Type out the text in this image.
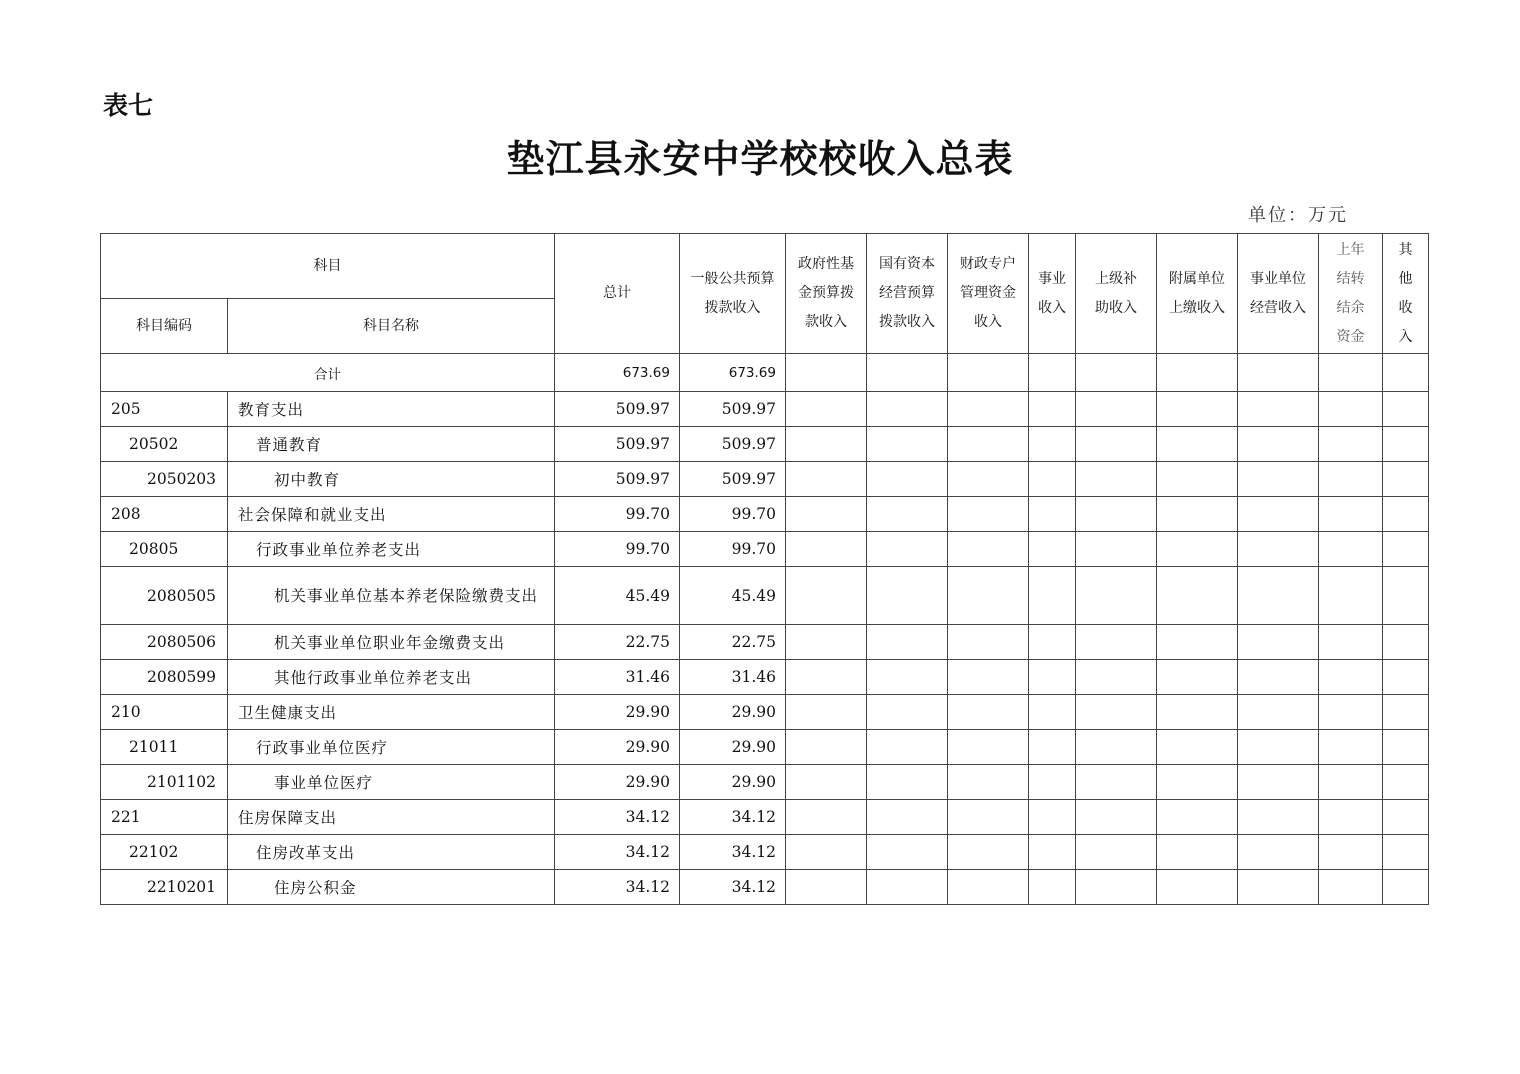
表七
垫江县永安中学校校收入总表
单位：万元
科目		总计	一般公共预算拨款收入	政府性基金预算拨款收入	国有资本经营预算拨款收入	财政专户管理资金收入	事业收入	上级补助收入	附属单位上缴收入	事业单位经营收入	上年结转结余资金	其他收入
科目编码	科目名称											
合计		673.69	673.69									
205	教育支出	509.97	509.97									
20502	普通教育	509.97	509.97									
2050203	初中教育	509.97	509.97									
208	社会保障和就业支出	99.70	99.70									
20805	行政事业单位养老支出	99.70	99.70									
2080505	机关事业单位基本养老保险缴费支出	45.49	45.49									
2080506	机关事业单位职业年金缴费支出	22.75	22.75									
2080599	其他行政事业单位养老支出	31.46	31.46									
210	卫生健康支出	29.90	29.90									
21011	行政事业单位医疗	29.90	29.90									
2101102	事业单位医疗	29.90	29.90									
221	住房保障支出	34.12	34.12									
22102	住房改革支出	34.12	34.12									
2210201	住房公积金	34.12	34.12									
